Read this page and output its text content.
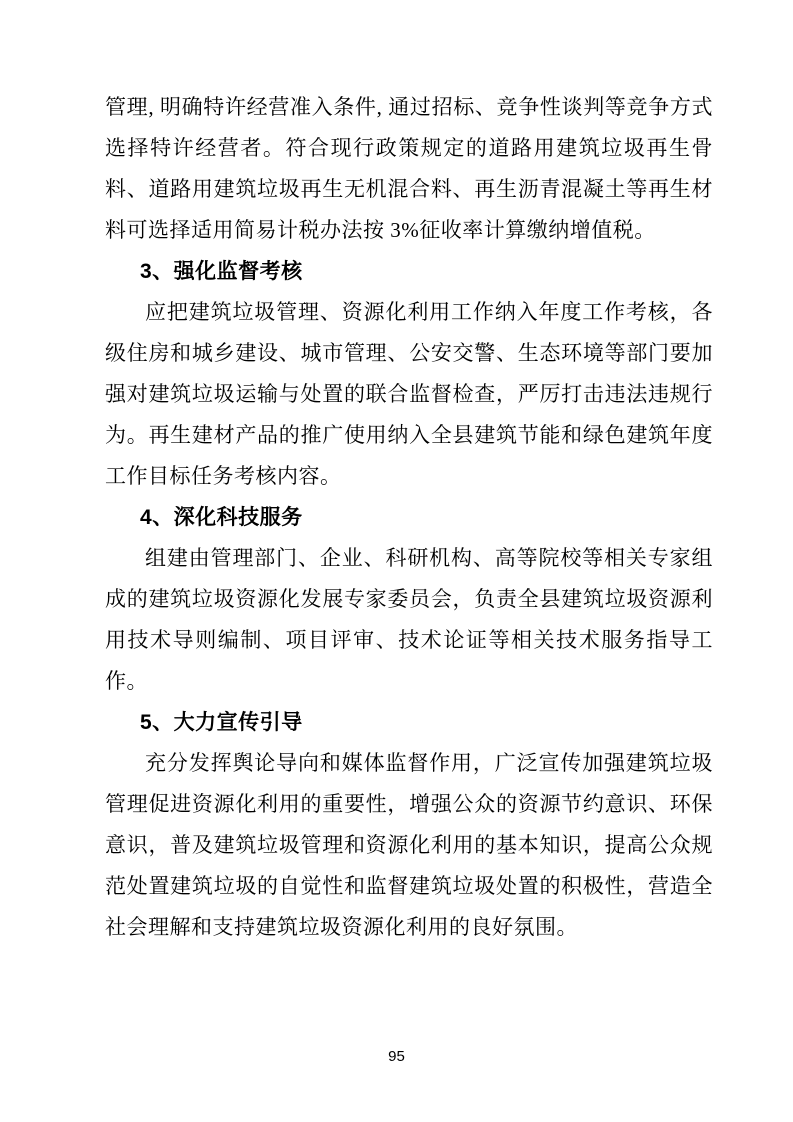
管理, 明确特许经营准入条件, 通过招标、竞争性谈判等竞争方式选择特许经营者。符合现行政策规定的道路用建筑垃圾再生骨料、道路用建筑垃圾再生无机混合料、再生沥青混凝土等再生材料可选择适用简易计税办法按 3%征收率计算缴纳增值税。

3、强化监督考核

应把建筑垃圾管理、资源化利用工作纳入年度工作考核，各级住房和城乡建设、城市管理、公安交警、生态环境等部门要加强对建筑垃圾运输与处置的联合监督检查，严厉打击违法违规行为。再生建材产品的推广使用纳入全县建筑节能和绿色建筑年度工作目标任务考核内容。

4、深化科技服务

组建由管理部门、企业、科研机构、高等院校等相关专家组成的建筑垃圾资源化发展专家委员会，负责全县建筑垃圾资源利用技术导则编制、项目评审、技术论证等相关技术服务指导工作。

5、大力宣传引导

充分发挥舆论导向和媒体监督作用，广泛宣传加强建筑垃圾管理促进资源化利用的重要性，增强公众的资源节约意识、环保意识，普及建筑垃圾管理和资源化利用的基本知识，提高公众规范处置建筑垃圾的自觉性和监督建筑垃圾处置的积极性，营造全社会理解和支持建筑垃圾资源化利用的良好氛围。

95
